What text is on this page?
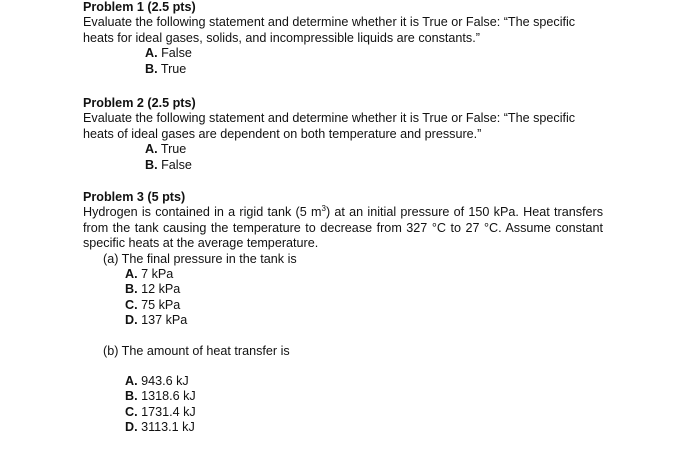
Problem 1 (2.5 pts)

Evaluate the following statement and determine whether it is True or False: “The specific heats for ideal gases, solids, and incompressible liquids are constants.”

A. False
B. True
Problem 2 (2.5 pts)

Evaluate the following statement and determine whether it is True or False: “The specific heats of ideal gases are dependent on both temperature and pressure.”

A. True
B. False
Problem 3 (5 pts)

Hydrogen is contained in a rigid tank (5 $m^3$) at an initial pressure of 150 kPa. Heat transfers from the tank causing the temperature to decrease from 327 °C to 27 °C. Assume constant specific heats at the average temperature.

(a) The final pressure in the tank is
A. 7 kPa
B. 12 kPa
C. 75 kPa
D. 137 kPa
(b) The amount of heat transfer is
A. 943.6 kJ
B. 1318.6 kJ
C. 1731.4 kJ
D. 3113.1 kJ
